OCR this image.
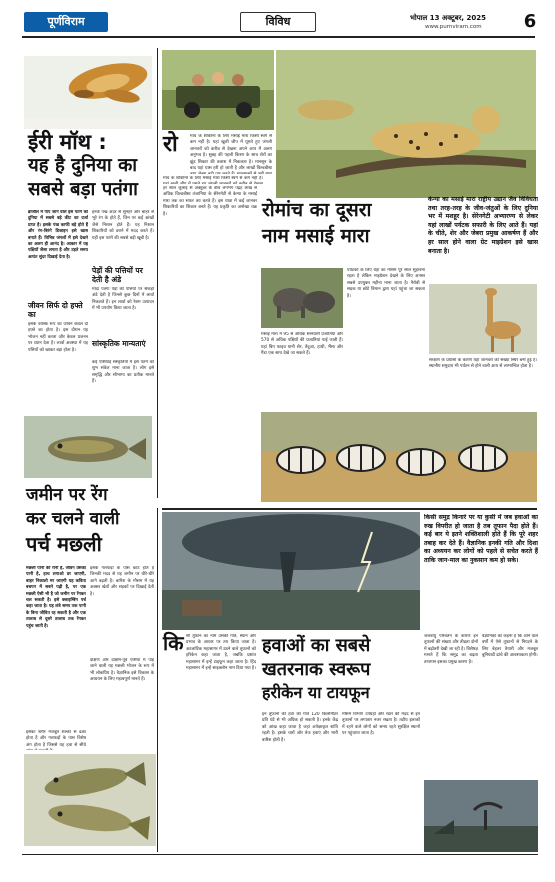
पूर्णविराम	विविध	भोपाल 13 अक्टूबर, 2025
www.purnviram.com	6
ईरी मॉथ :
यह है दुनिया का
सबसे बड़ा पतंगा
ब्राजील में पाए जाने वाले इस पतंगे को दुनिया में सबसे बड़े कीट का दर्जा प्राप्त है। इसके पंख काफी बड़े होते हैं और रंग-बिरंगे डिजाइन इसे खास बनाते हैं। विभिन्न जंगलों में इसे देखने का अलग ही आनंद है। आकार में यह पक्षियों जैसा लगता है और उड़ते समय अत्यंत सुंदर दिखाई देता है।
जीवन सिर्फ दो हफ्ते का
इसके वयस्क रूप का जीवन केवल दो हफ्ते का होता है। इस दौरान यह भोजन नहीं करता और केवल प्रजनन पर ध्यान देता है। लार्वा अवस्था में यह पत्तियों को खाकर बड़ा होता है।
इनके पंख अंदर से सुनहरे और बाहर से भूरे रंग के होते हैं, जिन पर कई आंखों जैसे निशान होते हैं। यह निशान शिकारियों को डराने में मदद करते हैं। यही इस पतंगे की सबसे बड़ी खूबी है।
पेड़ों की पत्तियों पर देती है अंडे
मादा पतंगा पेड़ों की पत्तियों पर सैकड़ों अंडे देती है जिनसे कुछ दिनों में लार्वा निकलते हैं। इन लार्वा को रेशम उत्पादन में भी उपयोग किया जाता है।
सांस्कृतिक मान्यताएं
कई एशियाई संस्कृतियों में इस पतंगे को शुभ संकेत माना जाता है। लोग इसे समृद्धि और सौभाग्य का प्रतीक मानते हैं।
रो	मांच के शौकीनों के लिए मसाई मारा किसी स्वर्ग से कम नहीं है। यहां खुली जीप में घूमते हुए जंगली जानवरों को करीब से देखना अपने आप में अलग अनुभव है। सुबह की पहली किरण के साथ शेरों का झुंड शिकार की तलाश में निकलता है। मानसून के बाद यहां घास हरी हो जाती है और लाखों विल्डबीस्ट
मांच के शौकीनों के लिए मसाई मारा किसी स्वर्ग से कम नहीं है।
रोमांच का दूसरा
नाम मसाई मारा
केन्या का मसाई मारा राष्ट्रीय उद्यान जैव विविधता तथा तरह-तरह के जीव-जंतुओं के लिए दुनिया भर में मशहूर है। सेरेनगेटी अभ्यारण्य से लेकर यहां लाखों पर्यटक सफारी के लिए आते हैं। यहां के चीते, शेर और जेबरा प्रमुख आकर्षण हैं और हर साल होने वाला ग्रेट माइग्रेशन इसे खास बनाता है।
हर साल जुलाई से अक्टूबर के बीच लगभग पंद्रह लाख से अधिक विल्डबीस्ट तंजानिया के सेरेनगेटी से केन्या के मसाई मारा तक का सफर तय करते हैं। इस यात्रा में कई जानवर शिकारियों का शिकार बनते हैं। यह प्रकृति का अनोखा चक्र है।
मसाई मारा में 95 से अधिक स्तनधारी प्रजातियां और 570 से अधिक पक्षियों की प्रजातियां पाई जाती हैं। यहां बिग फाइव यानी शेर, तेंदुआ, हाथी, भैंसा और गैंडा एक साथ देखे जा सकते हैं।
पर्यटकों के लिए यहां का मौसम पूरे साल सुहावना रहता है लेकिन माइग्रेशन देखने के लिए अगस्त सबसे उपयुक्त महीना माना जाता है। नैरोबी से सड़क या छोटे विमान द्वारा यहां पहुंचा जा सकता है।
संरक्षण के प्रयासों के कारण यहां जानवरों की संख्या स्थिर बनी हुई है। स्थानीय समुदाय भी पर्यटन से होने वाली आय से लाभान्वित होता है।
जमीन पर रेंग
कर चलने वाली
पर्च मछली
मछली पानी की रानी है, जीवन उसका पानी है, हाथ लगाओ डर जाएगी, बाहर निकालो मर जाएगी यह कविता बचपन में सबने पढ़ी है, पर एक मछली ऐसी भी है जो जमीन पर रेंगकर चल सकती है। इसे क्लाइम्बिंग पर्च कहा जाता है। यह लंबे समय तक पानी के बिना जीवित रह सकती है और एक तालाब से दूसरे तालाब तक रेंगकर पहुंच जाती है।
इसका शरीर मजबूत शल्कों से ढका होता है और गलफड़ों के पास विशेष अंग होता है जिससे यह हवा से सीधे
इसके गलफड़ों के पास कांटे होते हैं जिनकी मदद से यह जमीन पर धीरे-धीरे आगे बढ़ती है। बारिश के मौसम में यह अक्सर खेतों और सड़कों पर दिखाई देती है।
दक्षिण और दक्षिण-पूर्व एशिया में पाई जाने वाली यह मछली भोजन के रूप में भी लोकप्रिय है। वैज्ञानिक इसे विकास के अध्ययन के लिए महत्वपूर्ण मानते हैं।
किसी समुद्र किनारे पर या कुर्सी में जब हवाओं का रुख विपरीत हो जाता है तब तूफान पैदा होते हैं। कई बार ये इतने शक्तिशाली होते हैं कि पूरे शहर तबाह कर देते हैं। वैज्ञानिक इनकी गति और दिशा का अध्ययन कर लोगों को पहले से सचेत करते हैं ताकि जान-माल का नुकसान कम हो सके।
कि सी तूफान का नाम उसकी गति, स्थान और प्रभाव के आधार पर तय किया जाता है। अटलांटिक महासागर में उठने वाले तूफानों को हरिकेन कहा जाता है, जबकि प्रशांत महासागर में इन्हें टाइफून कहा जाता है। हिंद महासागर में इन्हें साइक्लोन नाम दिया गया है।
हवाओं का सबसे
खतरनाक स्वरूप
हरीकेन या टायफून
इन तूफानों की हवा की गति 120 किलोमीटर प्रति घंटे से भी अधिक हो सकती है। इनके केंद्र को आंख कहा जाता है जहां अपेक्षाकृत शांति रहती है। इसके चारों ओर तेज हवाएं और भारी बारिश होती है।
मौसम विभाग उपग्रहों और रडार की मदद से इन तूफानों पर लगातार नजर रखता है। तटीय इलाकों में रहने वाले लोगों को समय रहते सुरक्षित स्थानों पर पहुंचाया जाता है।
जलवायु परिवर्तन के कारण इन तूफानों की संख्या और तीव्रता दोनों में बढ़ोतरी देखी जा रही है। विशेषज्ञ मानते हैं कि समुद्र का बढ़ता तापमान इसका प्रमुख कारण है।
वैज्ञानिकों का कहना है कि आने वाले वर्षों में ऐसे तूफानों से निपटने के लिए बेहतर तैयारी और मजबूत बुनियादी ढांचे की आवश्यकता होगी।
